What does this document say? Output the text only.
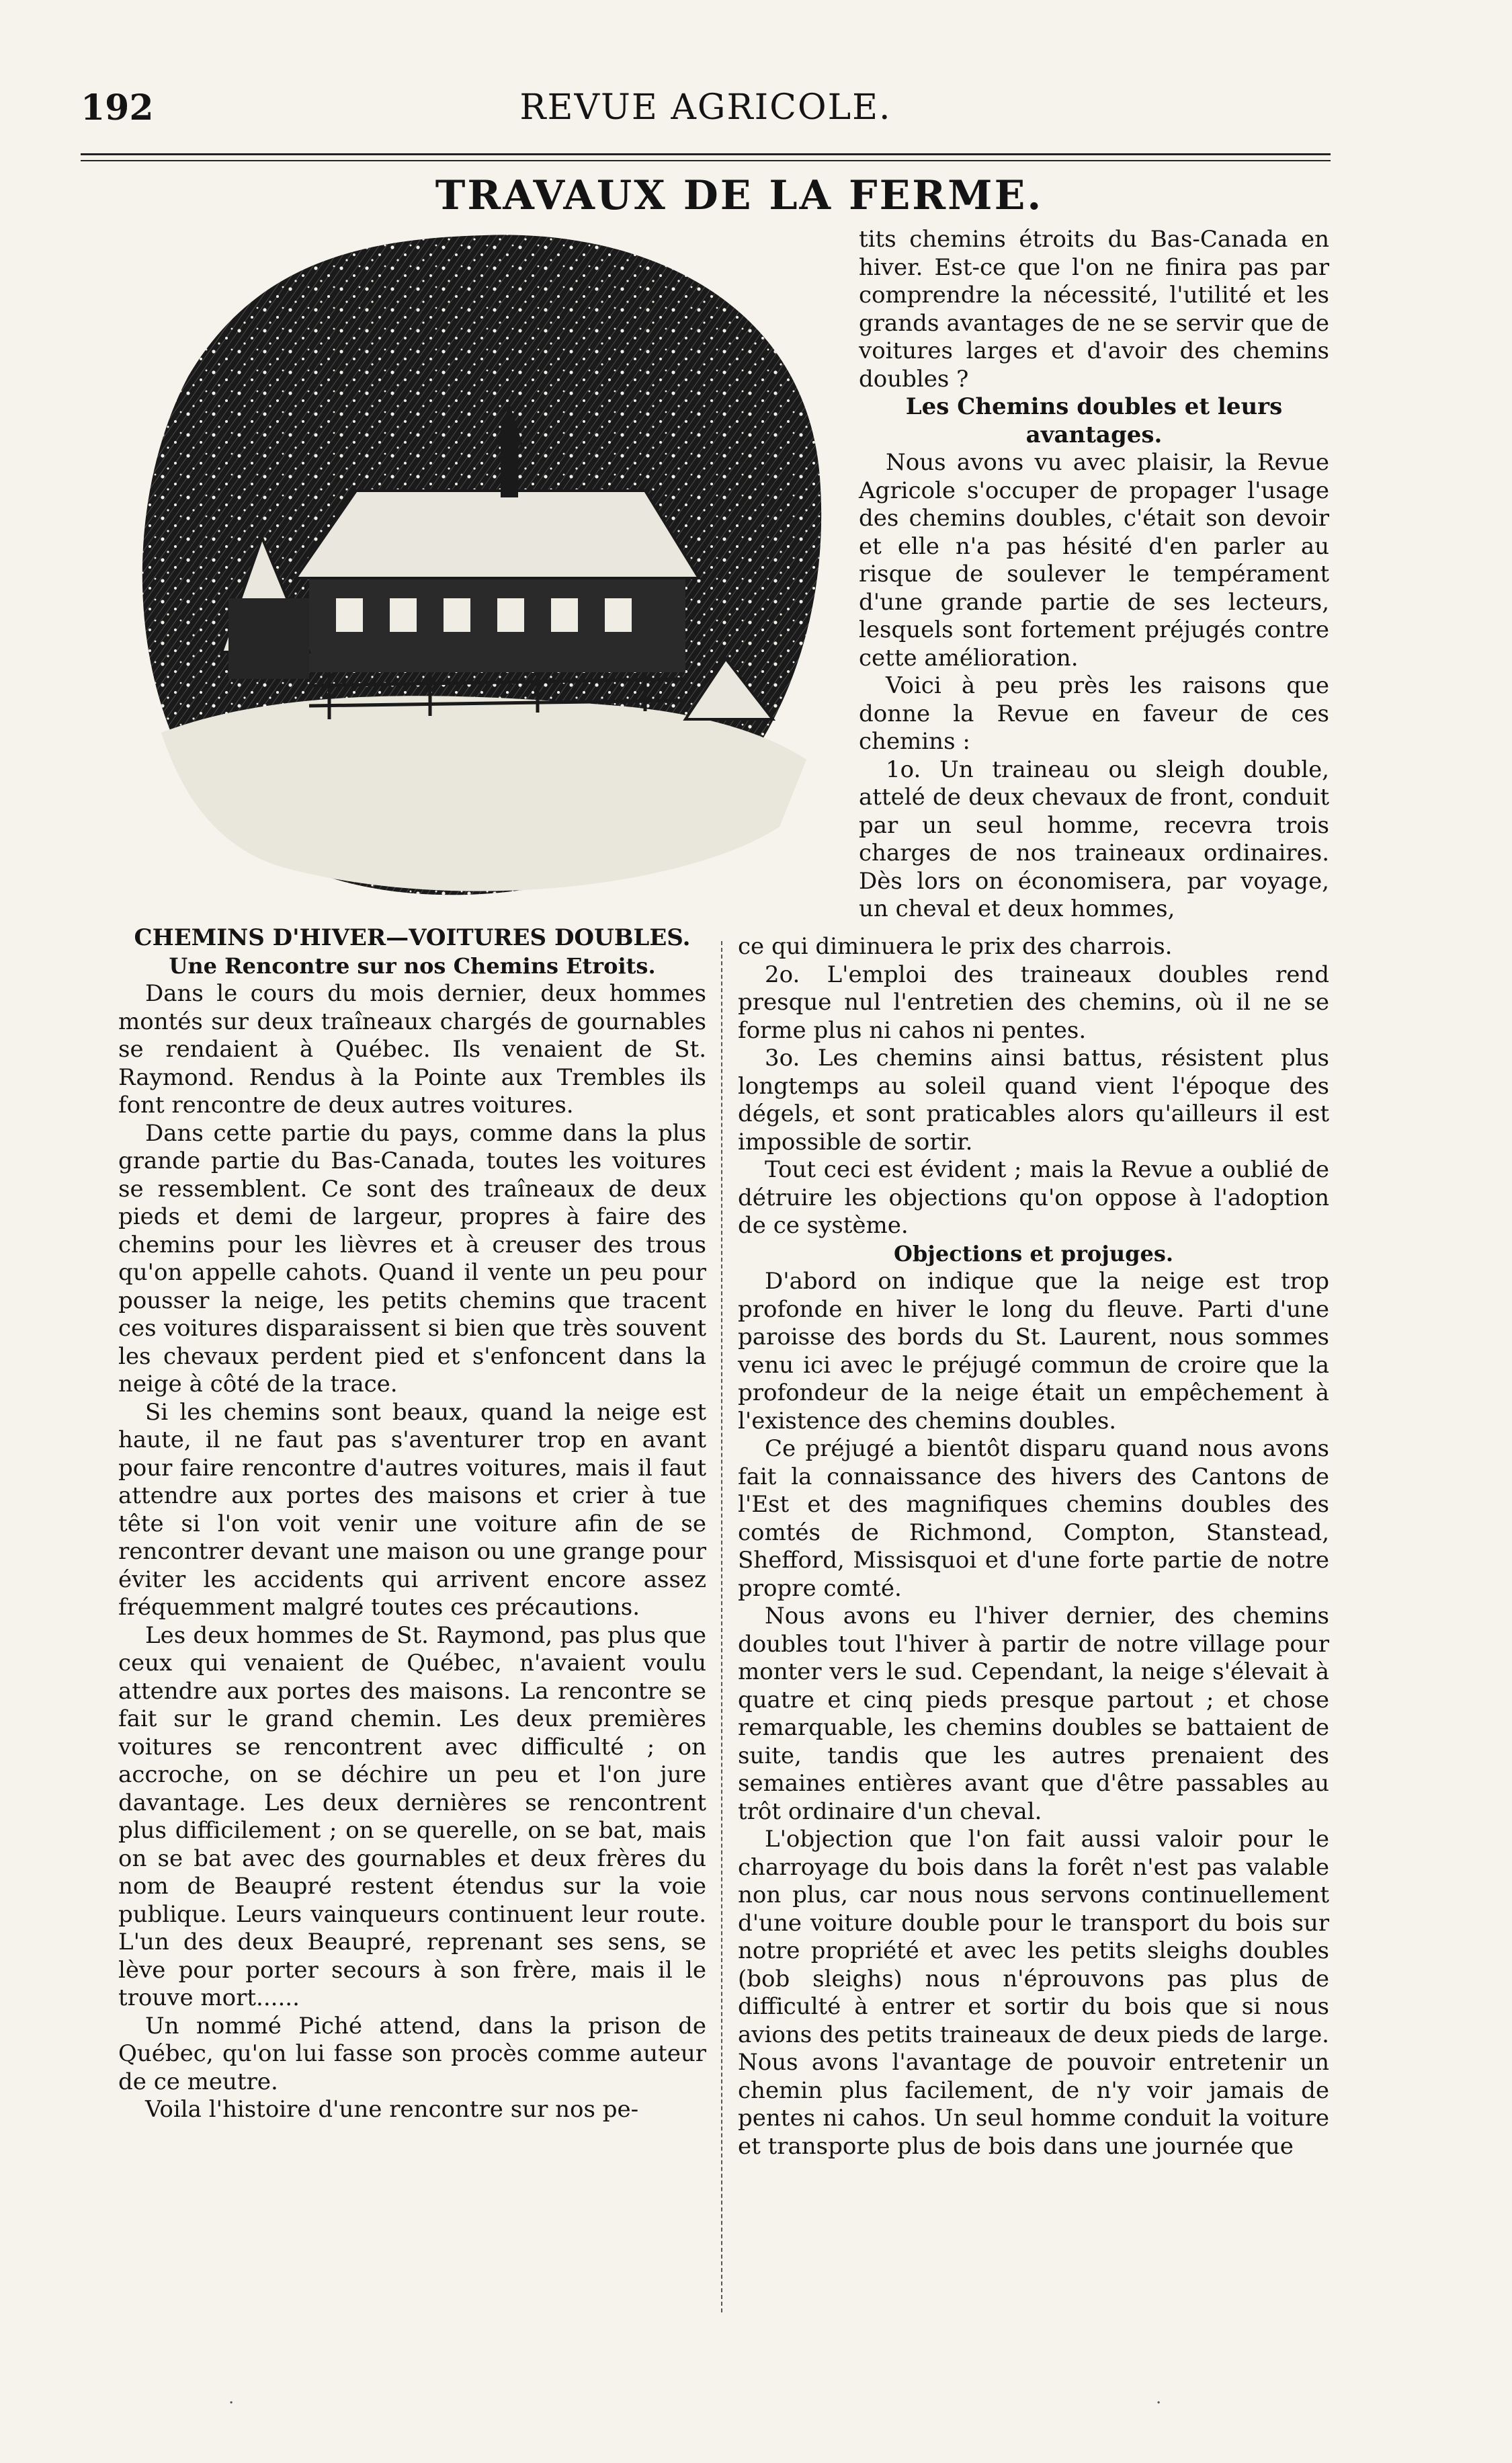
192	REVUE AGRICOLE.
TRAVAUX DE LA FERME.

tits chemins étroits du Bas-Canada en hiver. Est-ce que l'on ne finira pas par comprendre la nécessité, l'utilité et les grands avantages de ne se servir que de voitures larges et d'avoir des chemins doubles ?

Les Chemins doubles et leurs avantages.

Nous avons vu avec plaisir, la Revue Agricole s'occuper de propager l'usage des chemins doubles, c'était son devoir et elle n'a pas hésité d'en parler au risque de soulever le tempérament d'une grande partie de ses lecteurs, lesquels sont fortement préjugés contre cette amélioration.

Voici à peu près les raisons que donne la Revue en faveur de ces chemins :

1o. Un traineau ou sleigh double, attelé de deux chevaux de front, conduit par un seul homme, recevra trois charges de nos traineaux ordinaires. Dès lors on économisera, par voyage, un cheval et deux hommes,

CHEMINS D'HIVER—VOITURES DOUBLES.

Une Rencontre sur nos Chemins Etroits.

Dans le cours du mois dernier, deux hommes montés sur deux traîneaux chargés de gournables se rendaient à Québec. Ils venaient de St. Raymond. Rendus à la Pointe aux Trembles ils font rencontre de deux autres voitures.

Dans cette partie du pays, comme dans la plus grande partie du Bas-Canada, toutes les voitures se ressemblent. Ce sont des traîneaux de deux pieds et demi de largeur, propres à faire des chemins pour les lièvres et à creuser des trous qu'on appelle cahots. Quand il vente un peu pour pousser la neige, les petits chemins que tracent ces voitures disparaissent si bien que très souvent les chevaux perdent pied et s'enfoncent dans la neige à côté de la trace.

Si les chemins sont beaux, quand la neige est haute, il ne faut pas s'aventurer trop en avant pour faire rencontre d'autres voitures, mais il faut attendre aux portes des maisons et crier à tue tête si l'on voit venir une voiture afin de se rencontrer devant une maison ou une grange pour éviter les accidents qui arrivent encore assez fréquemment malgré toutes ces précautions.

Les deux hommes de St. Raymond, pas plus que ceux qui venaient de Québec, n'avaient voulu attendre aux portes des maisons. La rencontre se fait sur le grand chemin. Les deux premières voitures se rencontrent avec difficulté ; on accroche, on se déchire un peu et l'on jure davantage. Les deux dernières se rencontrent plus difficilement ; on se querelle, on se bat, mais on se bat avec des gournables et deux frères du nom de Beaupré restent étendus sur la voie publique. Leurs vainqueurs continuent leur route. L'un des deux Beaupré, reprenant ses sens, se lève pour porter secours à son frère, mais il le trouve mort......

Un nommé Piché attend, dans la prison de Québec, qu'on lui fasse son procès comme auteur de ce meutre.

Voila l'histoire d'une rencontre sur nos pe-

ce qui diminuera le prix des charrois.

2o. L'emploi des traineaux doubles rend presque nul l'entretien des chemins, où il ne se forme plus ni cahos ni pentes.

3o. Les chemins ainsi battus, résistent plus longtemps au soleil quand vient l'époque des dégels, et sont praticables alors qu'ailleurs il est impossible de sortir.

Tout ceci est évident ; mais la Revue a oublié de détruire les objections qu'on oppose à l'adoption de ce système.

Objections et projuges.

D'abord on indique que la neige est trop profonde en hiver le long du fleuve. Parti d'une paroisse des bords du St. Laurent, nous sommes venu ici avec le préjugé commun de croire que la profondeur de la neige était un empêchement à l'existence des chemins doubles.

Ce préjugé a bientôt disparu quand nous avons fait la connaissance des hivers des Cantons de l'Est et des magnifiques chemins doubles des comtés de Richmond, Compton, Stanstead, Shefford, Missisquoi et d'une forte partie de notre propre comté.

Nous avons eu l'hiver dernier, des chemins doubles tout l'hiver à partir de notre village pour monter vers le sud. Cependant, la neige s'élevait à quatre et cinq pieds presque partout ; et chose remarquable, les chemins doubles se battaient de suite, tandis que les autres prenaient des semaines entières avant que d'être passables au trôt ordinaire d'un cheval.

L'objection que l'on fait aussi valoir pour le charroyage du bois dans la forêt n'est pas valable non plus, car nous nous servons continuellement d'une voiture double pour le transport du bois sur notre propriété et avec les petits sleighs doubles (bob sleighs) nous n'éprouvons pas plus de difficulté à entrer et sortir du bois que si nous avions des petits traineaux de deux pieds de large. Nous avons l'avantage de pouvoir entretenir un chemin plus facilement, de n'y voir jamais de pentes ni cahos. Un seul homme conduit la voiture et transporte plus de bois dans une journée que

·	·
